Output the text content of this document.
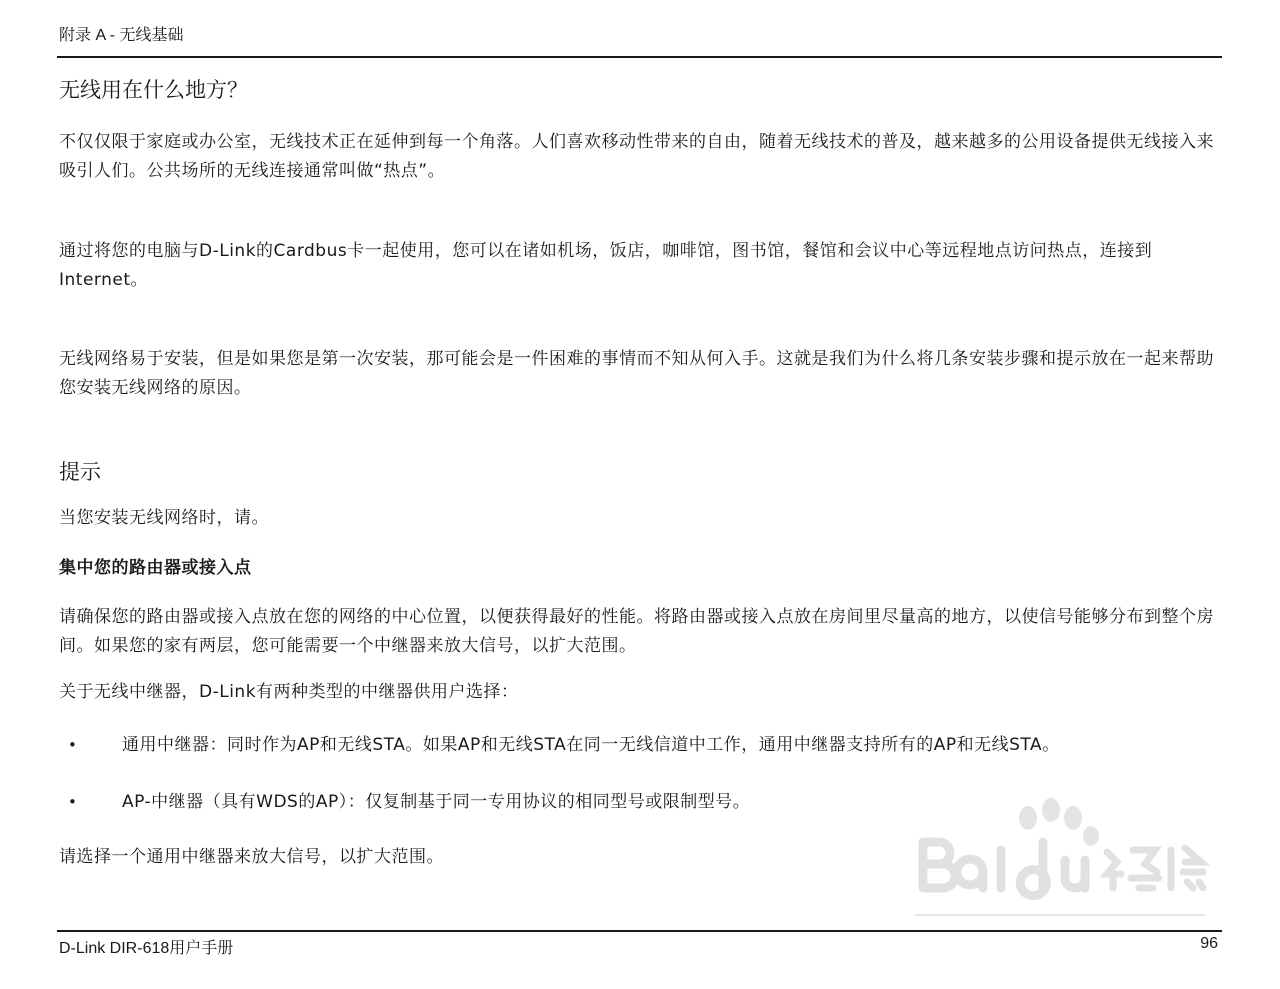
附录 A - 无线基础
无线用在什么地方？
不仅仅限于家庭或办公室，无线技术正在延伸到每一个角落。人们喜欢移动性带来的自由，随着无线技术的普及，越来越多的公用设备提供无线接入来吸引人们。公共场所的无线连接通常叫做“热点”。
通过将您的电脑与D-Link的Cardbus卡一起使用，您可以在诸如机场，饭店，咖啡馆，图书馆，餐馆和会议中心等远程地点访问热点，连接到Internet。
无线网络易于安装，但是如果您是第一次安装，那可能会是一件困难的事情而不知从何入手。这就是我们为什么将几条安装步骤和提示放在一起来帮助您安装无线网络的原因。
提示
当您安装无线网络时，请。
集中您的路由器或接入点
请确保您的路由器或接入点放在您的网络的中心位置，以便获得最好的性能。将路由器或接入点放在房间里尽量高的地方，以使信号能够分布到整个房间。如果您的家有两层，您可能需要一个中继器来放大信号，以扩大范围。
关于无线中继器，D-Link有两种类型的中继器供用户选择：
•	通用中继器：同时作为AP和无线STA。如果AP和无线STA在同一无线信道中工作，通用中继器支持所有的AP和无线STA。
•	AP-中继器（具有WDS的AP）：仅复制基于同一专用协议的相同型号或限制型号。
请选择一个通用中继器来放大信号，以扩大范围。
D-Link DIR-618用户手册	96
